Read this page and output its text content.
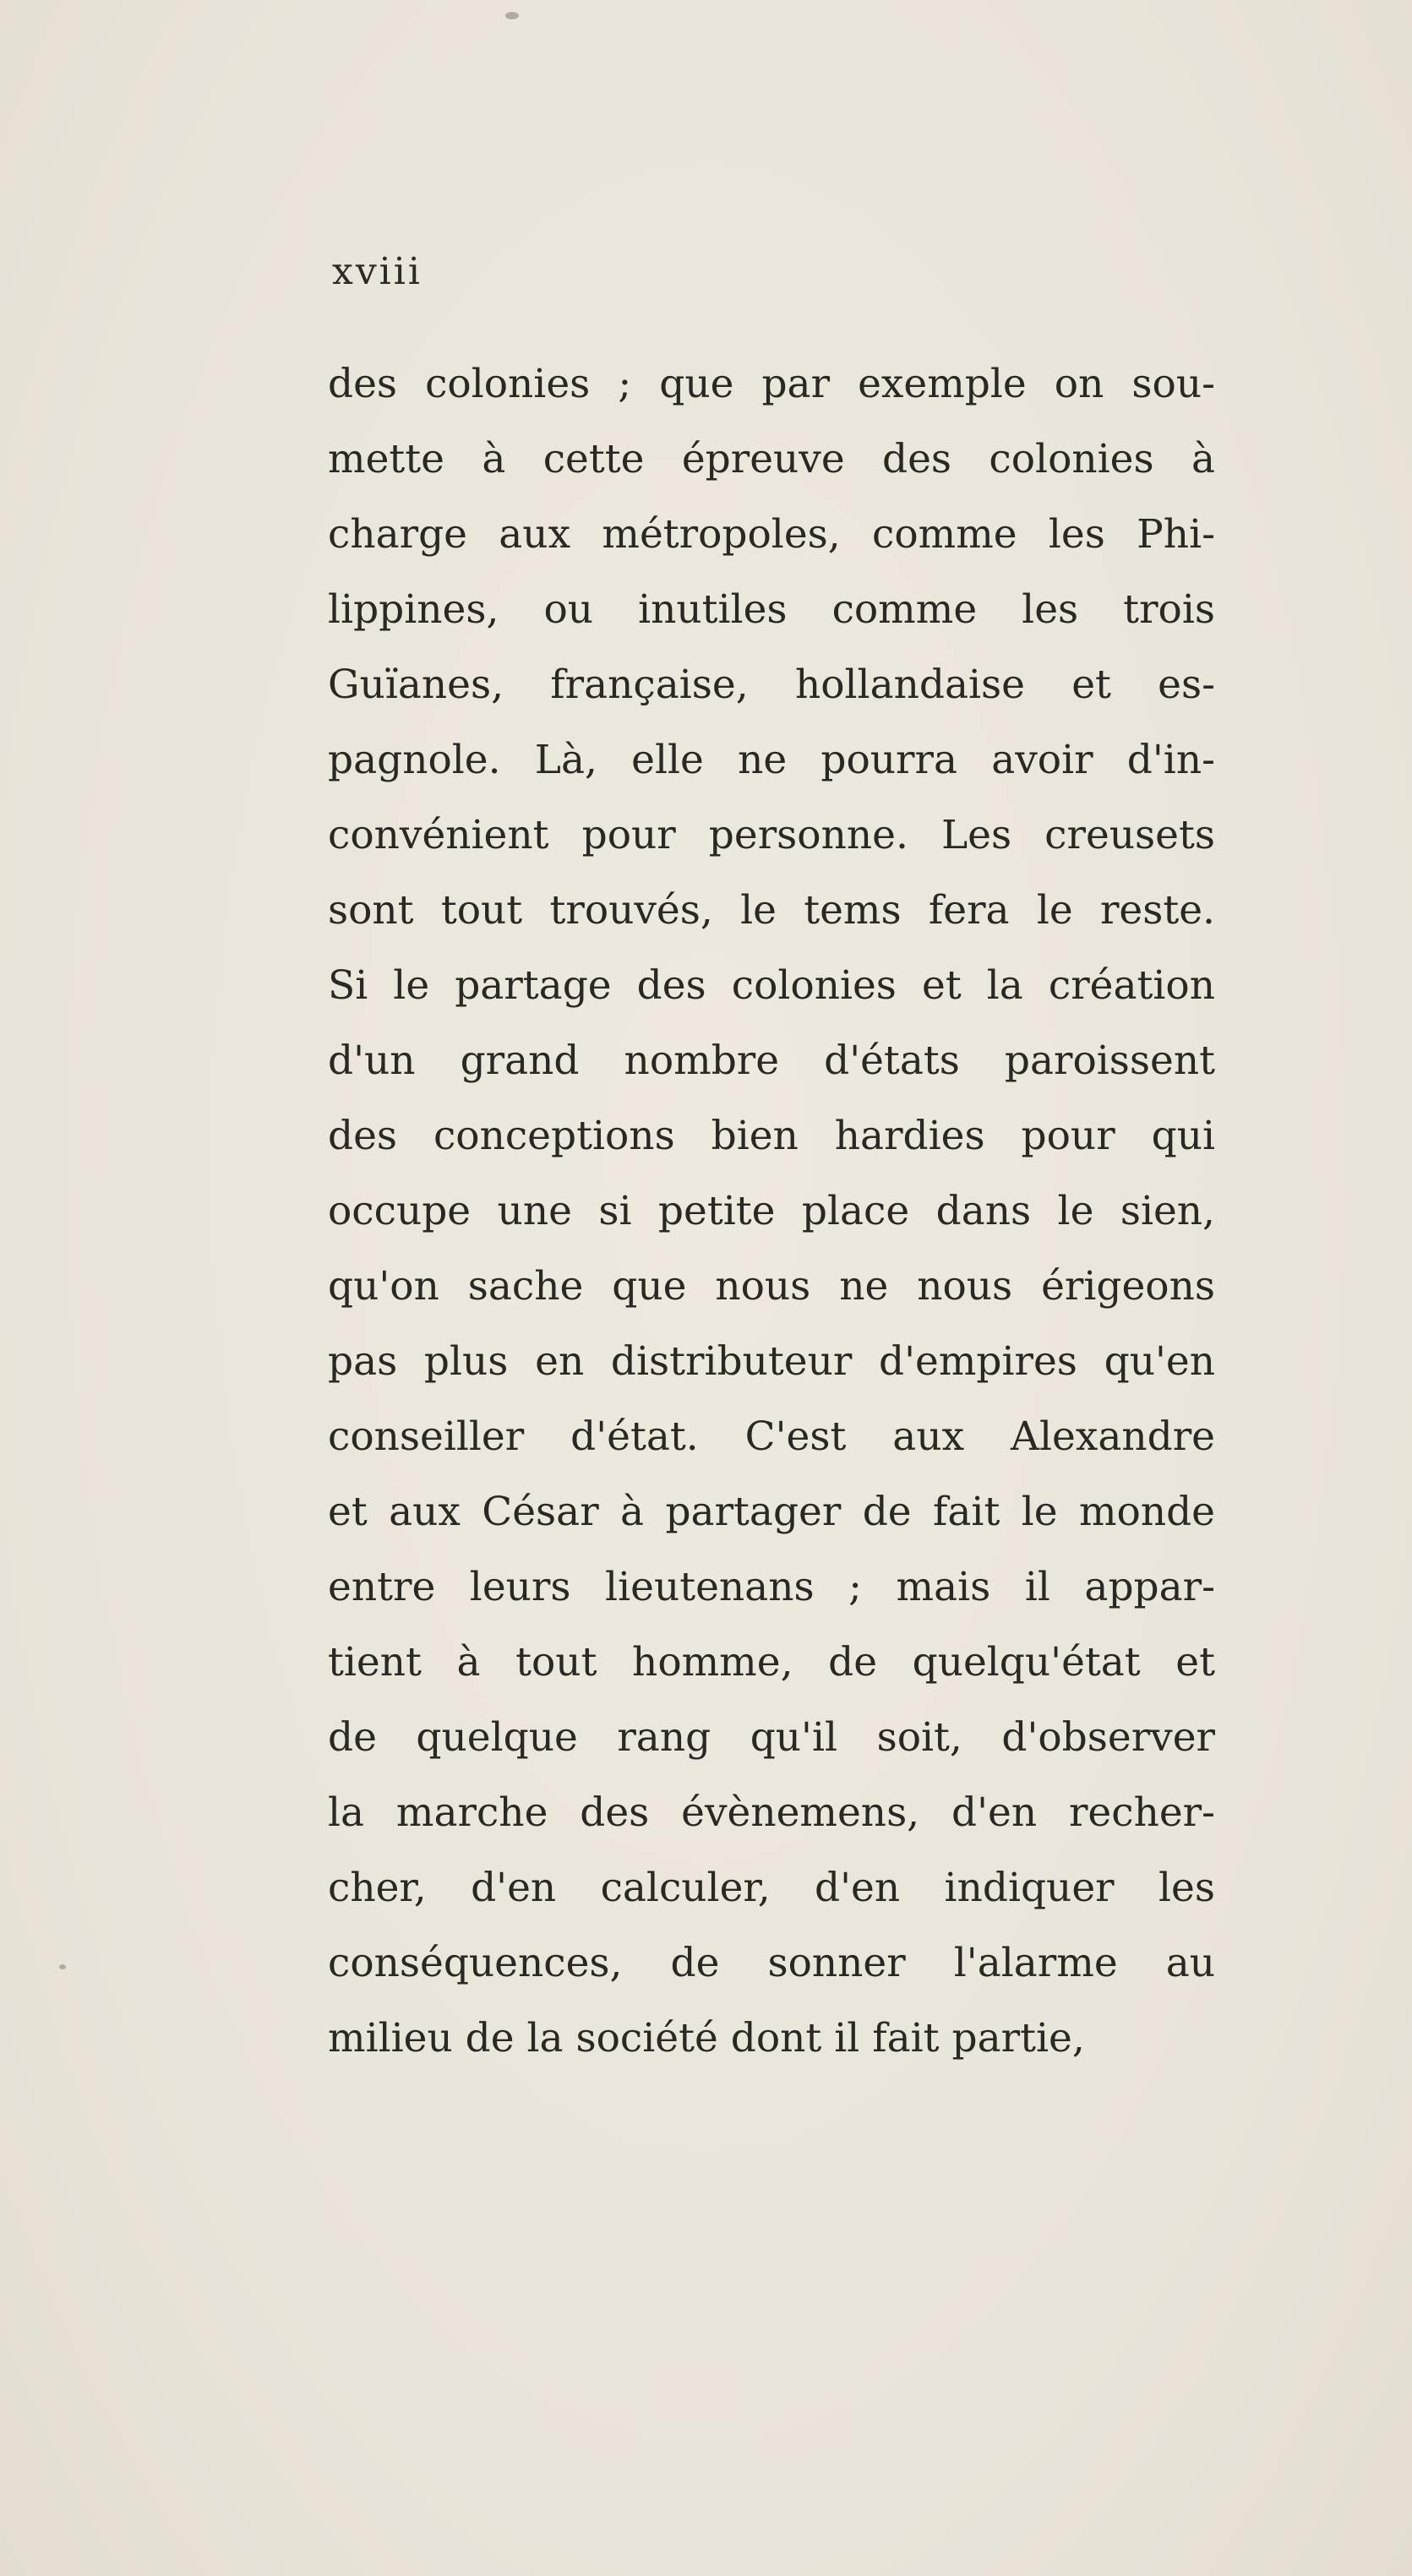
xviii
des colonies ; que par exemple on sou-
mette à cette épreuve des colonies à
charge aux métropoles, comme les Phi-
lippines, ou inutiles comme les trois
Guïanes, française, hollandaise et es-
pagnole. Là, elle ne pourra avoir d'in-
convénient pour personne. Les creusets
sont tout trouvés, le tems fera le reste.
Si le partage des colonies et la création
d'un grand nombre d'états paroissent
des conceptions bien hardies pour qui
occupe une si petite place dans le sien,
qu'on sache que nous ne nous érigeons
pas plus en distributeur d'empires qu'en
conseiller d'état. C'est aux Alexandre
et aux César à partager de fait le monde
entre leurs lieutenans ; mais il appar-
tient à tout homme, de quelqu'état et
de quelque rang qu'il soit, d'observer
la marche des évènemens, d'en recher-
cher, d'en calculer, d'en indiquer les
conséquences, de sonner l'alarme au
milieu de la société dont il fait partie,
